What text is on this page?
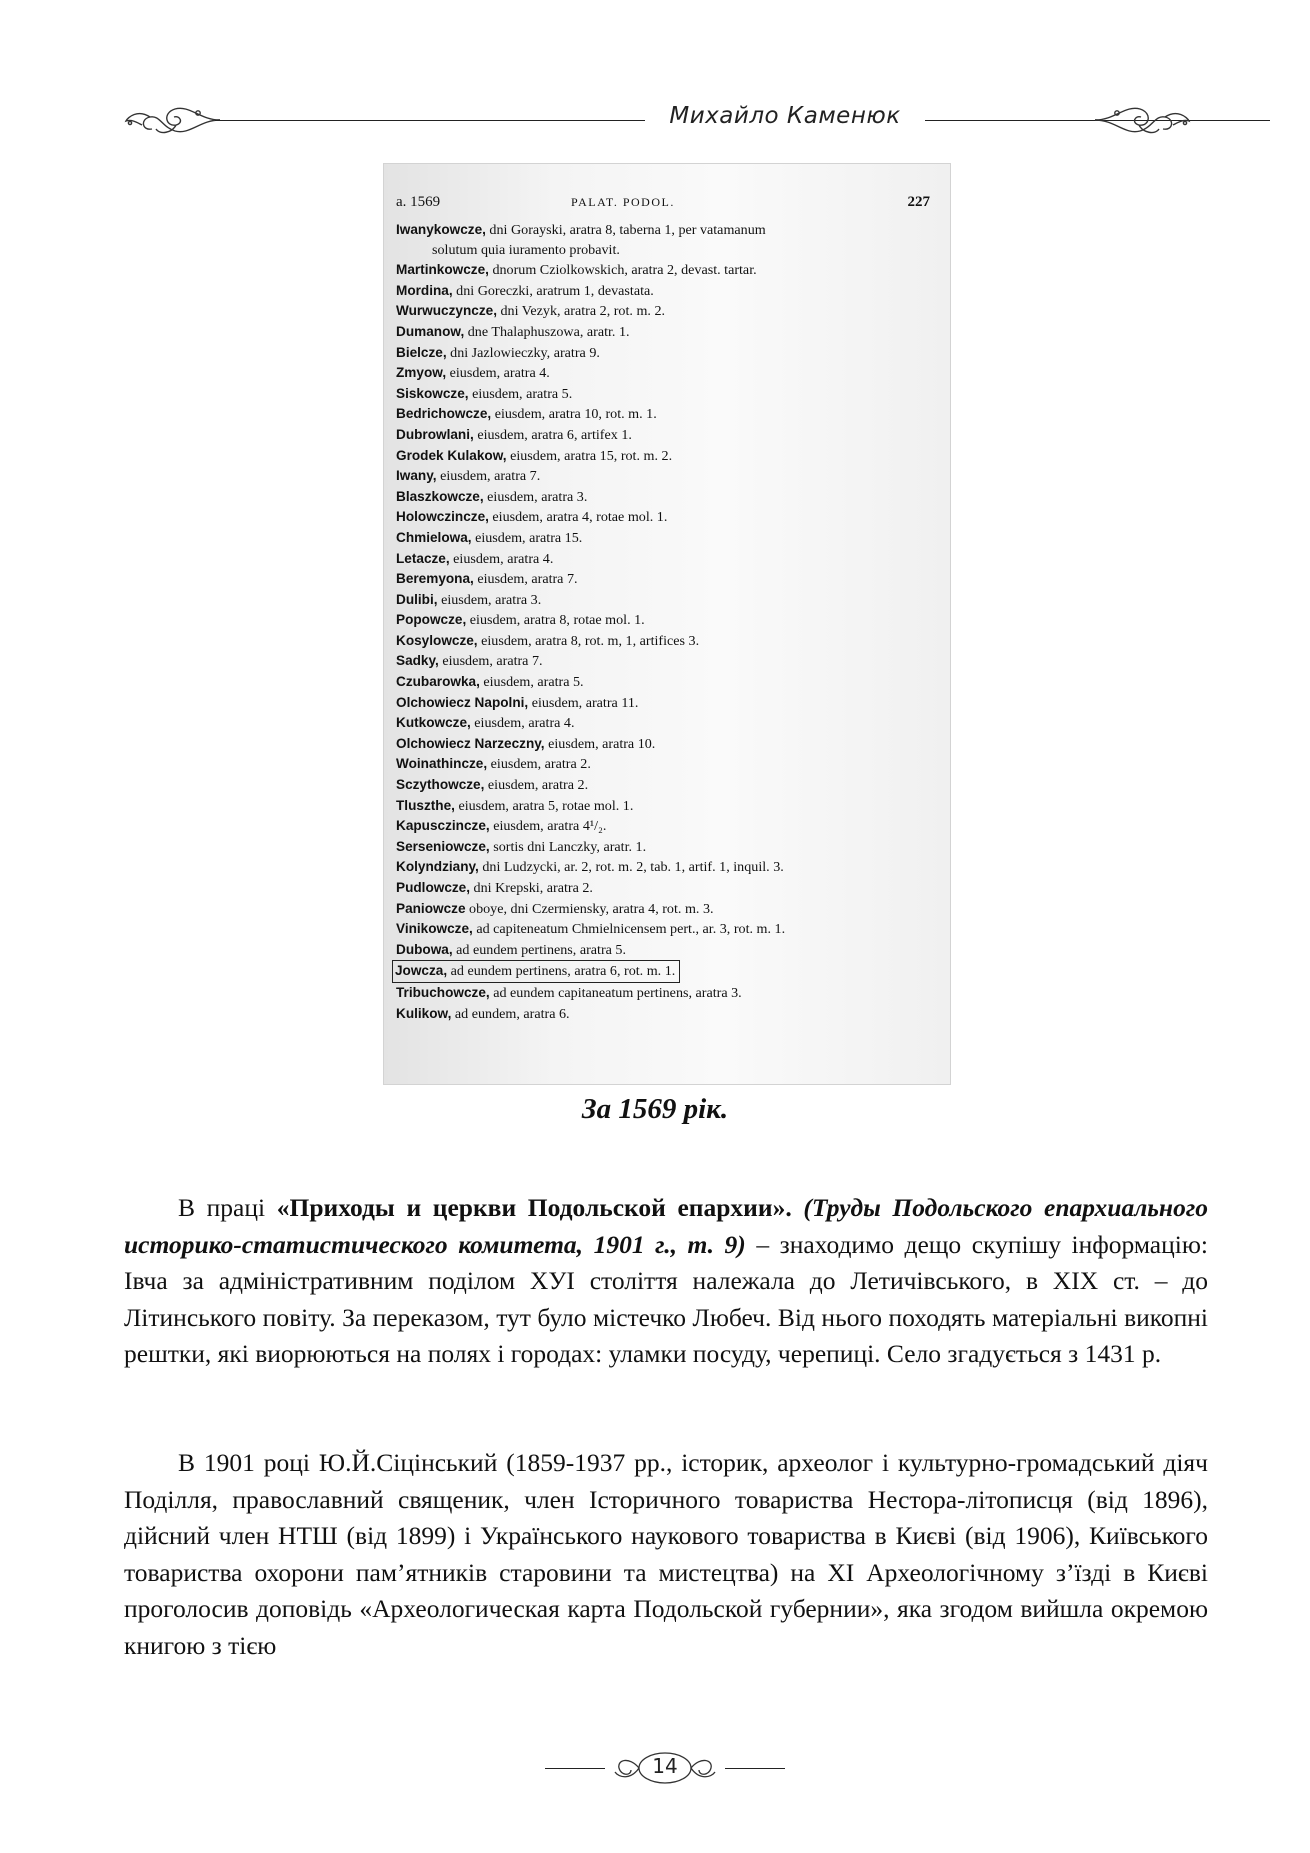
Михайло Каменюк
a. 1569	PALAT. PODOL.	227
Iwanykowcze, dni Gorayski, aratra 8, taberna 1, per vatamanum
solutum quia iuramento probavit.
Martinkowcze, dnorum Cziolkowskich, aratra 2, devast. tartar.
Mordina, dni Goreczki, aratrum 1, devastata.
Wurwuczyncze, dni Vezyk, aratra 2, rot. m. 2.
Dumanow, dne Thalaphuszowa, aratr. 1.
Bielcze, dni Jazlowieczky, aratra 9.
Zmyow, eiusdem, aratra 4.
Siskowcze, eiusdem, aratra 5.
Bedrichowcze, eiusdem, aratra 10, rot. m. 1.
Dubrowlani, eiusdem, aratra 6, artifex 1.
Grodek Kulakow, eiusdem, aratra 15, rot. m. 2.
Iwany, eiusdem, aratra 7.
Blaszkowcze, eiusdem, aratra 3.
Holowczincze, eiusdem, aratra 4, rotae mol. 1.
Chmielowa, eiusdem, aratra 15.
Letacze, eiusdem, aratra 4.
Beremyona, eiusdem, aratra 7.
Dulibi, eiusdem, aratra 3.
Popowcze, eiusdem, aratra 8, rotae mol. 1.
Kosylowcze, eiusdem, aratra 8, rot. m, 1, artifices 3.
Sadky, eiusdem, aratra 7.
Czubarowka, eiusdem, aratra 5.
Olchowiecz Napolni, eiusdem, aratra 11.
Kutkowcze, eiusdem, aratra 4.
Olchowiecz Narzeczny, eiusdem, aratra 10.
Woinathincze, eiusdem, aratra 2.
Sczythowcze, eiusdem, aratra 2.
Tluszthe, eiusdem, aratra 5, rotae mol. 1.
Kapusczincze, eiusdem, aratra 4¹/₂.
Serseniowcze, sortis dni Lanczky, aratr. 1.
Kolyndziany, dni Ludzycki, ar. 2, rot. m. 2, tab. 1, artif. 1, inquil. 3.
Pudlowcze, dni Krepski, aratra 2.
Paniowcze oboye, dni Czermiensky, aratra 4, rot. m. 3.
Vinikowcze, ad capiteneatum Chmielnicensem pert., ar. 3, rot. m. 1.
Dubowa, ad eundem pertinens, aratra 5.
Jowcza, ad eundem pertinens, aratra 6, rot. m. 1.
Tribuchowcze, ad eundem capitaneatum pertinens, aratra 3.
Kulikow, ad eundem, aratra 6.
За 1569 рік.

В праці «Приходы и церкви Подольской епархии». (Труды Подольского епархиального историко-статистического комитета, 1901 г., т. 9) – знаходимо дещо скупішу інформацію: Івча за адміністративним поділом XУІ століття належала до Летичівського, в XIX ст. – до Літинського повіту. За переказом, тут було містечко Любеч. Від нього походять матеріальні викопні рештки, які виорюються на полях і городах: уламки посуду, черепиці. Село згадується з 1431 р.

В 1901 році Ю.Й.Сіцінський (1859-1937 рр., історик, археолог і культурно-громадський діяч Поділля, православний священик, член Історичного товариства Нестора-літописця (від 1896), дійсний член НТШ (від 1899) і Українського наукового товариства в Києві (від 1906), Київського товариства охорони пам’ятників старовини та мистецтва) на XI Археологічному з’їзді в Києві проголосив доповідь «Археологическая карта Подольской губернии», яка згодом вийшла окремою книгою з тією

14
